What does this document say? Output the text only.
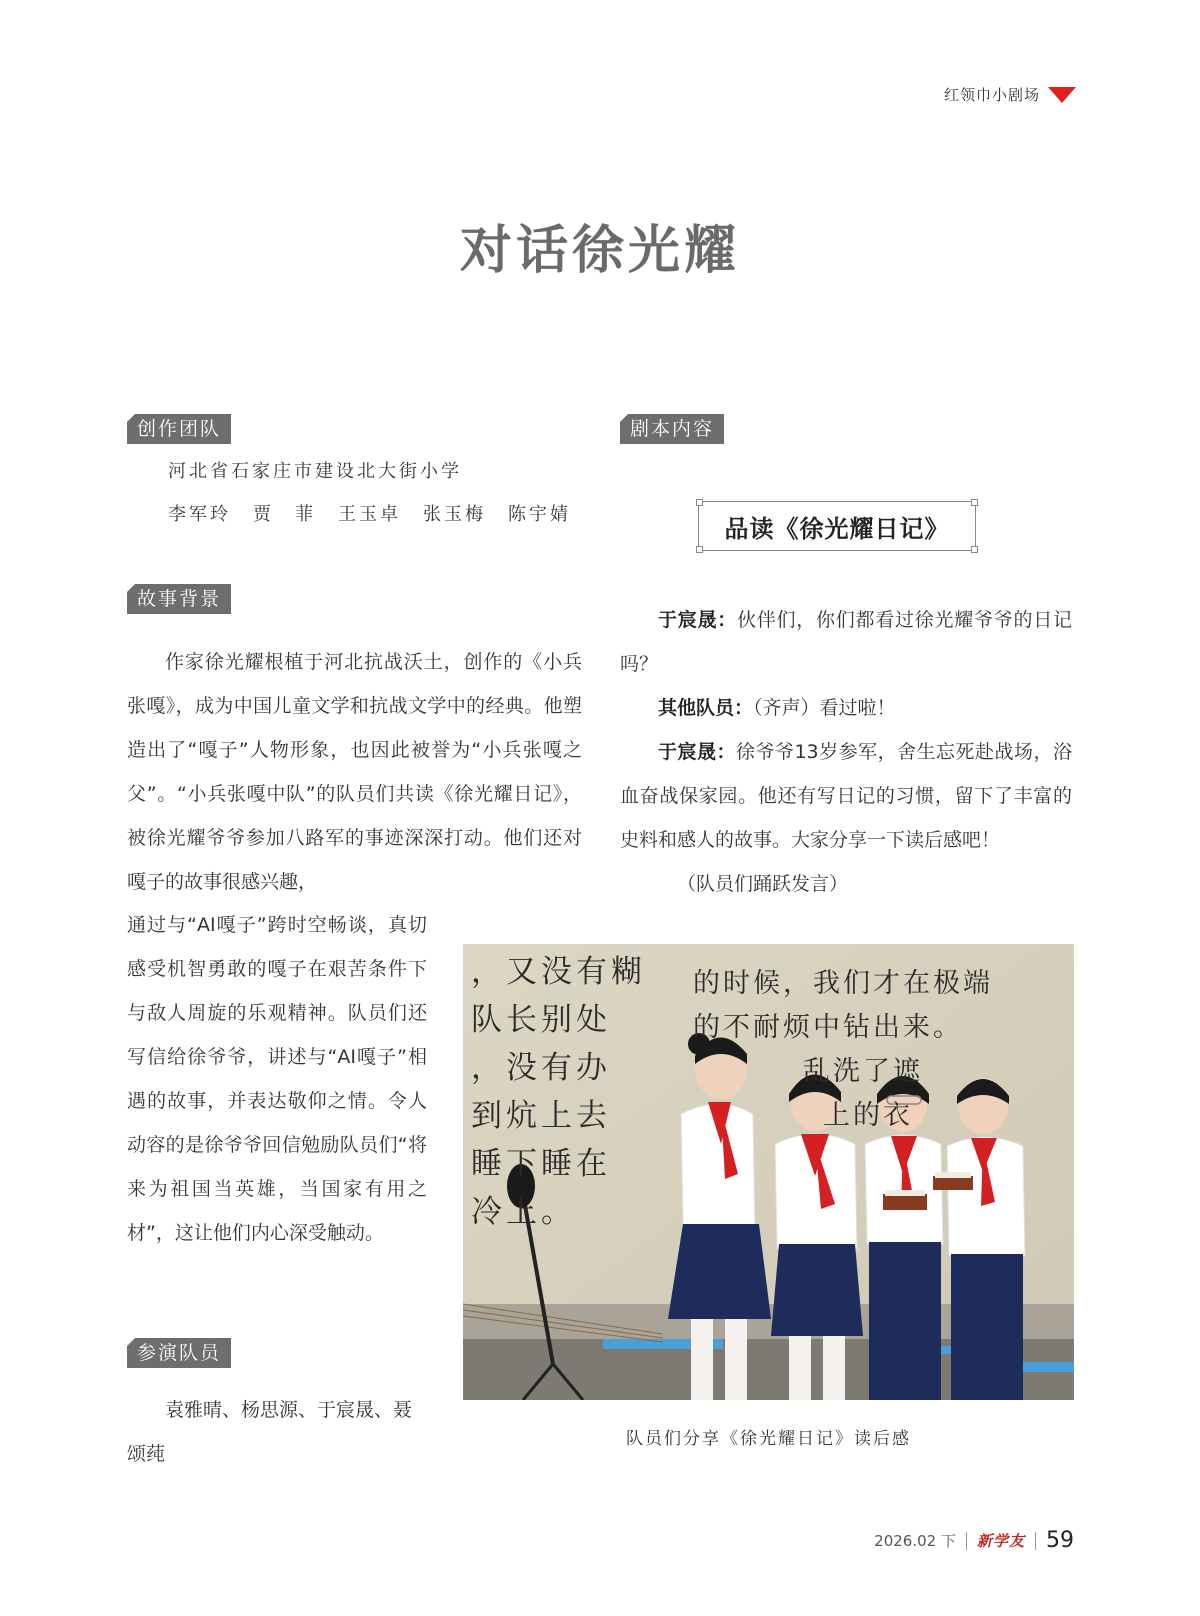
红领巾小剧场
对话徐光耀
创作团队
河北省石家庄市建设北大街小学
李军玲 贾　菲 王玉卓 张玉梅 陈宇婧
故事背景

作家徐光耀根植于河北抗战沃土，创作的《小兵张嘎》，成为中国儿童文学和抗战文学中的经典。他塑造出了“嘎子”人物形象，也因此被誉为“小兵张嘎之父”。“小兵张嘎中队”的队员们共读《徐光耀日记》，被徐光耀爷爷参加八路军的事迹深深打动。他们还对嘎子的故事很感兴趣，

通过与“AI嘎子”跨时空畅谈，真切感受机智勇敢的嘎子在艰苦条件下与敌人周旋的乐观精神。队员们还写信给徐爷爷，讲述与“AI嘎子”相遇的故事，并表达敬仰之情。令人动容的是徐爷爷回信勉励队员们“将来为祖国当英雄，当国家有用之材”，这让他们内心深受触动。

参演队员

袁雅晴、杨思源、于宸晟、聂颂莼

剧本内容
品读《徐光耀日记》

于宸晟：伙伴们，你们都看过徐光耀爷爷的日记吗？

其他队员：（齐声）看过啦！

于宸晟：徐爷爷13岁参军，舍生忘死赴战场，浴血奋战保家园。他还有写日记的习惯，留下了丰富的史料和感人的故事。大家分享一下读后感吧！

（队员们踊跃发言）

，又没有糊
队长别处
，没有办
到炕上去
睡下睡在
冷上。
的时候，我们才在极端
的不耐烦中钻出来。
乱洗了遮
上的衣
队员们分享《徐光耀日记》读后感
2026.02 下 新学友 59
